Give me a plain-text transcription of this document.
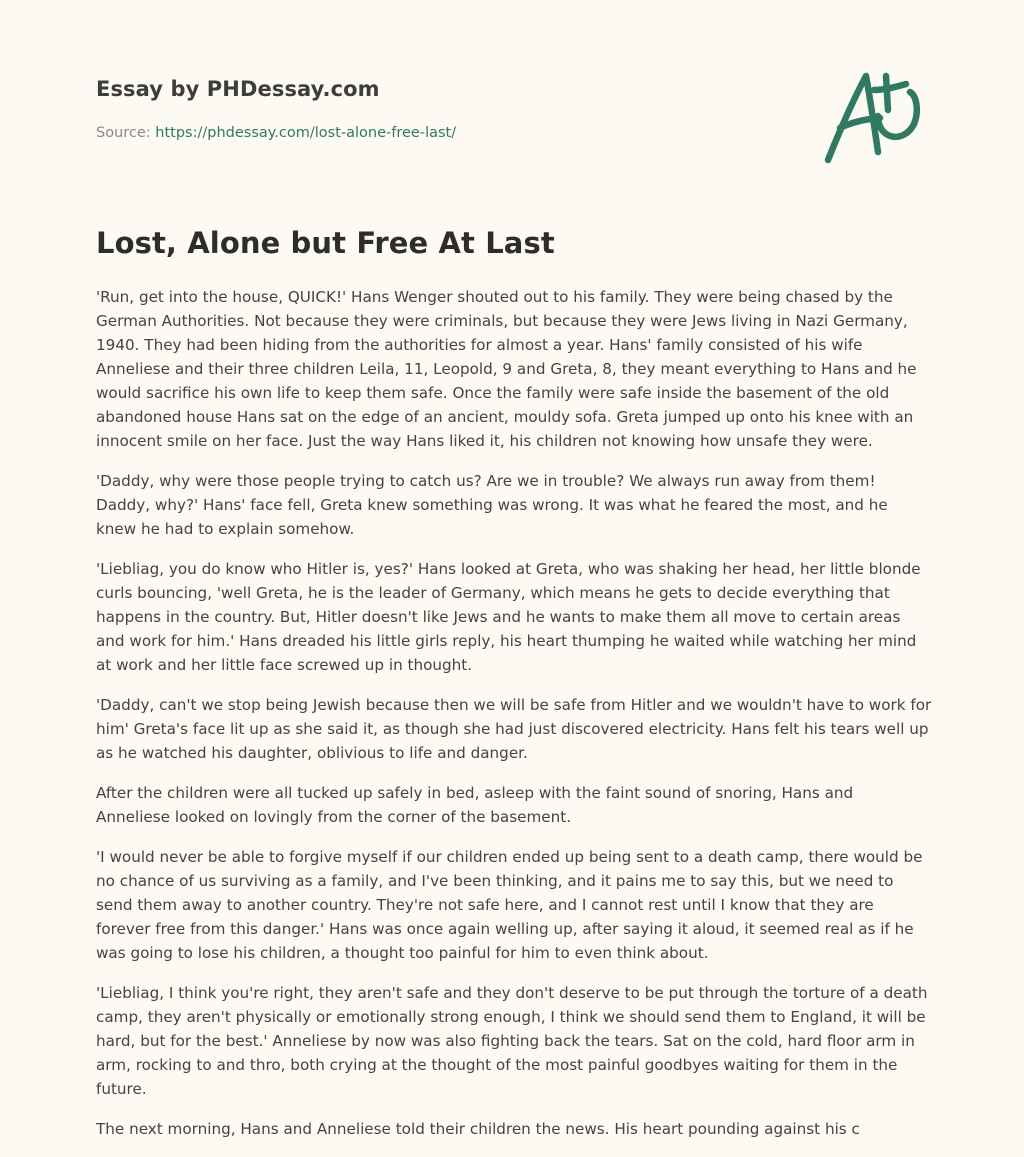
Essay by PHDessay.com
Source: https://phdessay.com/lost-alone-free-last/
Lost, Alone but Free At Last

'Run, get into the house, QUICK!' Hans Wenger shouted out to his family. They were being chased by the German Authorities. Not because they were criminals, but because they were Jews living in Nazi Germany, 1940. They had been hiding from the authorities for almost a year. Hans' family consisted of his wife Anneliese and their three children Leila, 11, Leopold, 9 and Greta, 8, they meant everything to Hans and he would sacrifice his own life to keep them safe. Once the family were safe inside the basement of the old abandoned house Hans sat on the edge of an ancient, mouldy sofa. Greta jumped up onto his knee with an innocent smile on her face. Just the way Hans liked it, his children not knowing how unsafe they were.

'Daddy, why were those people trying to catch us? Are we in trouble? We always run away from them! Daddy, why?' Hans' face fell, Greta knew something was wrong. It was what he feared the most, and he knew he had to explain somehow.

'Liebliag, you do know who Hitler is, yes?' Hans looked at Greta, who was shaking her head, her little blonde curls bouncing, 'well Greta, he is the leader of Germany, which means he gets to decide everything that happens in the country. But, Hitler doesn't like Jews and he wants to make them all move to certain areas and work for him.' Hans dreaded his little girls reply, his heart thumping he waited while watching her mind at work and her little face screwed up in thought.

'Daddy, can't we stop being Jewish because then we will be safe from Hitler and we wouldn't have to work for him' Greta's face lit up as she said it, as though she had just discovered electricity. Hans felt his tears well up as he watched his daughter, oblivious to life and danger.

After the children were all tucked up safely in bed, asleep with the faint sound of snoring, Hans and Anneliese looked on lovingly from the corner of the basement.

'I would never be able to forgive myself if our children ended up being sent to a death camp, there would be no chance of us surviving as a family, and I've been thinking, and it pains me to say this, but we need to send them away to another country. They're not safe here, and I cannot rest until I know that they are forever free from this danger.' Hans was once again welling up, after saying it aloud, it seemed real as if he was going to lose his children, a thought too painful for him to even think about.

'Liebliag, I think you're right, they aren't safe and they don't deserve to be put through the torture of a death camp, they aren't physically or emotionally strong enough, I think we should send them to England, it will be hard, but for the best.' Anneliese by now was also fighting back the tears. Sat on the cold, hard floor arm in arm, rocking to and thro, both crying at the thought of the most painful goodbyes waiting for them in the future.

The next morning, Hans and Anneliese told their children the news. His heart pounding against his c
